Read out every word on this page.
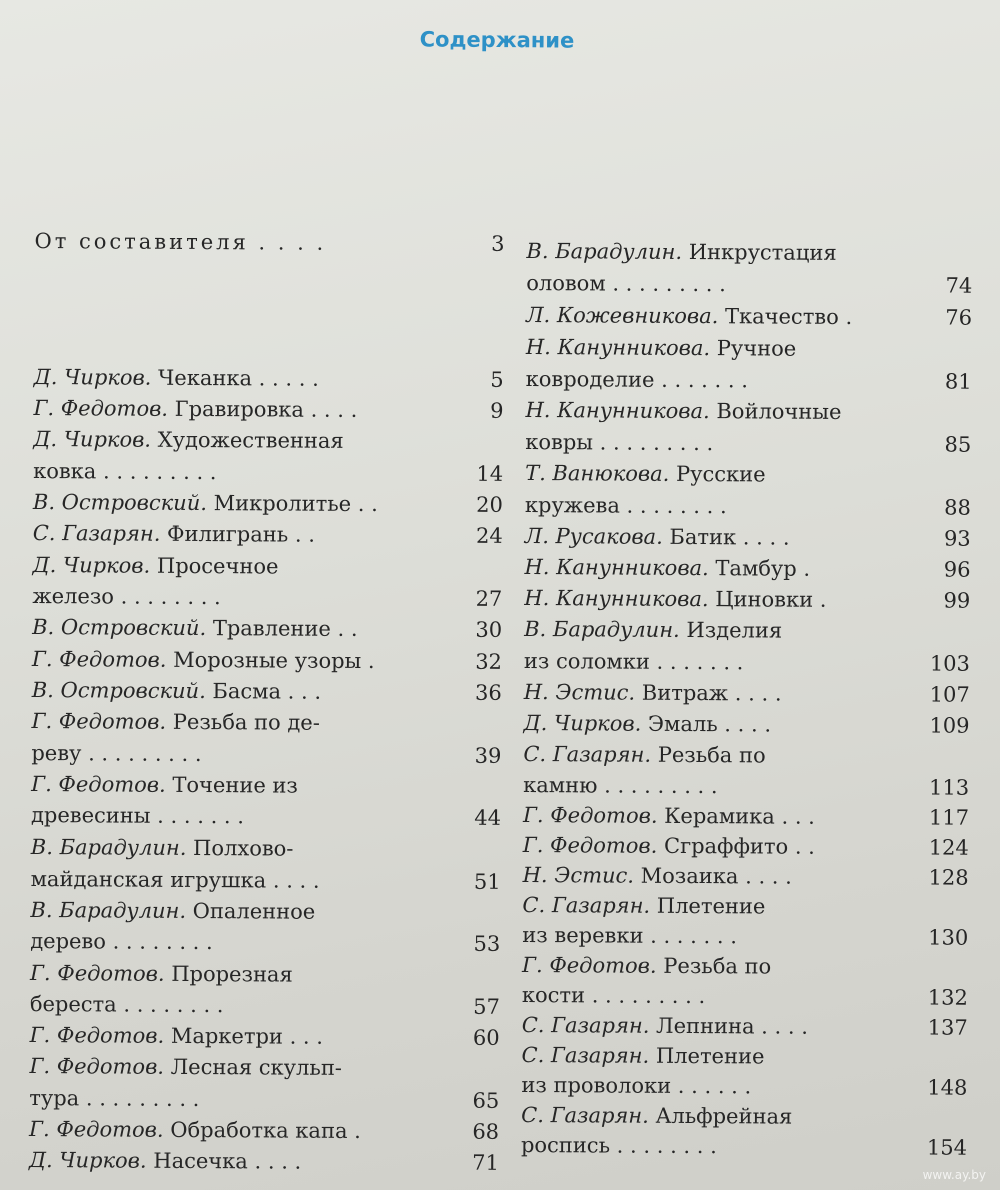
Содержание
От составителя . . . .	3
Д. Чирков. Чеканка . . . . .	5
Г. Федотов. Гравировка . . . .	9
Д. Чирков. Художественная
ковка . . . . . . . . .	14
В. Островский. Микролитье . .	20
С. Газарян. Филигрань . .	24
Д. Чирков. Просечное
железо . . . . . . . .	27
В. Островский. Травление . .	30
Г. Федотов. Морозные узоры .	32
В. Островский. Басма . . .	36
Г. Федотов. Резьба по де-
реву . . . . . . . . .	39
Г. Федотов. Точение из
древесины . . . . . . .	44
В. Барадулин. Полхово-
майданская игрушка . . . .	51
В. Барадулин. Опаленное
дерево . . . . . . . .	53
Г. Федотов. Прорезная
береста . . . . . . . .	57
Г. Федотов. Маркетри . . .	60
Г. Федотов. Лесная скульп-
тура . . . . . . . . .	65
Г. Федотов. Обработка капа .	68
Д. Чирков. Насечка . . . .	71
В. Барадулин. Инкрустация
оловом . . . . . . . . .	74
Л. Кожевникова. Ткачество .	76
Н. Канунникова. Ручное
ковроделие . . . . . . .	81
Н. Канунникова. Войлочные
ковры . . . . . . . . .	85
Т. Ванюкова. Русские
кружева . . . . . . . .	88
Л. Русакова. Батик . . . .	93
Н. Канунникова. Тамбур .	96
Н. Канунникова. Циновки .	99
В. Барадулин. Изделия
из соломки . . . . . . .	103
Н. Эстис. Витраж . . . .	107
Д. Чирков. Эмаль . . . .	109
С. Газарян. Резьба по
камню . . . . . . . . .	113
Г. Федотов. Керамика . . .	117
Г. Федотов. Сграффито . .	124
Н. Эстис. Мозаика . . . .	128
С. Газарян. Плетение
из веревки . . . . . . .	130
Г. Федотов. Резьба по
кости . . . . . . . . .	132
С. Газарян. Лепнина . . . .	137
С. Газарян. Плетение
из проволоки . . . . . .	148
С. Газарян. Альфрейная
роспись . . . . . . . .	154
www.ay.by
